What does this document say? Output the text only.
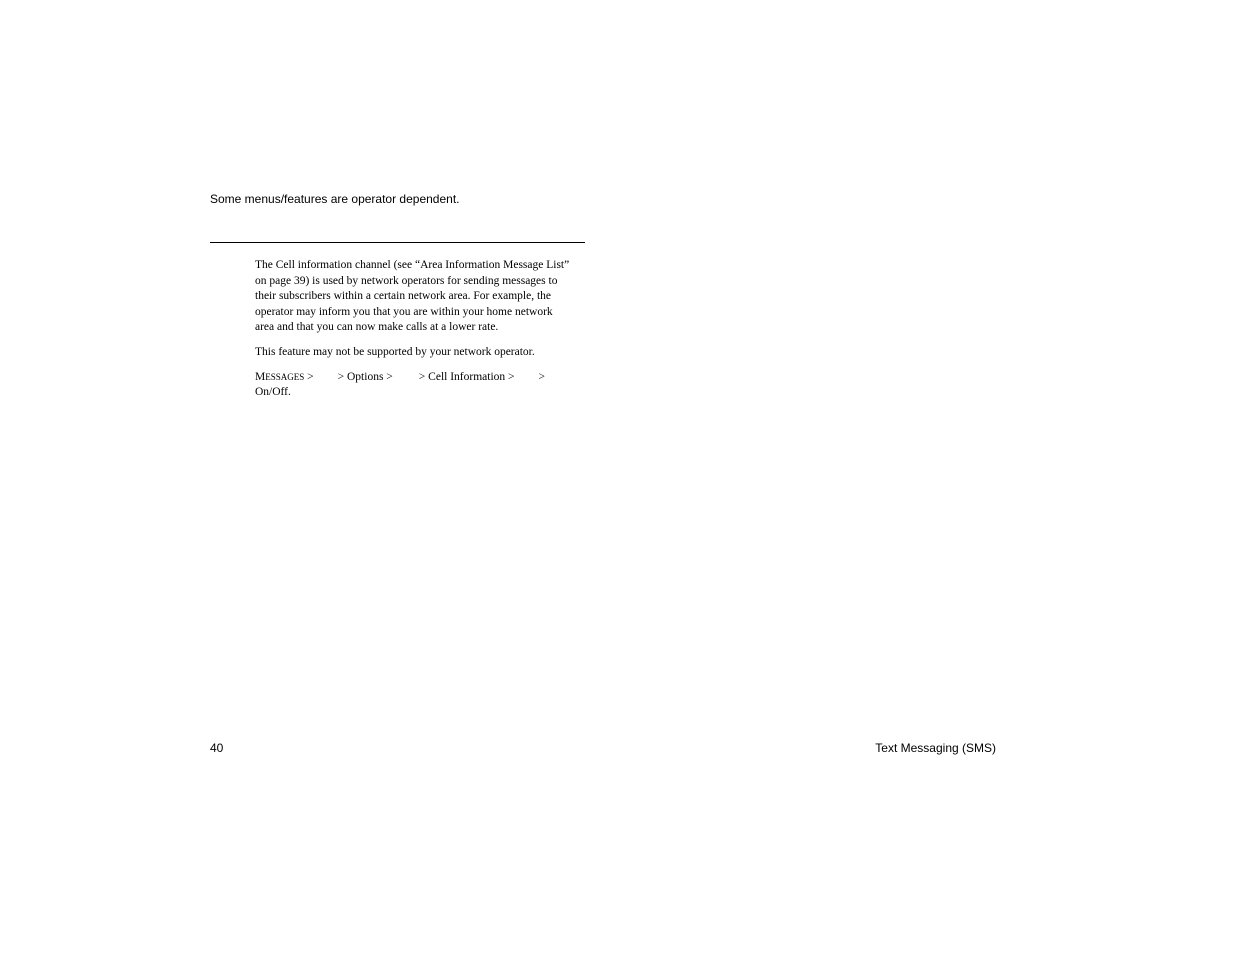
Some menus/features are operator dependent.

The Cell information channel (see “Area Information Message List”
on page 39) is used by network operators for sending messages to
their subscribers within a certain network area. For example, the
operator may inform you that you are within your home network
area and that you can now make calls at a lower rate.

This feature may not be supported by your network operator.

MESSAGES > > Options > > Cell Information > >
On/Off.
40	Text Messaging (SMS)
